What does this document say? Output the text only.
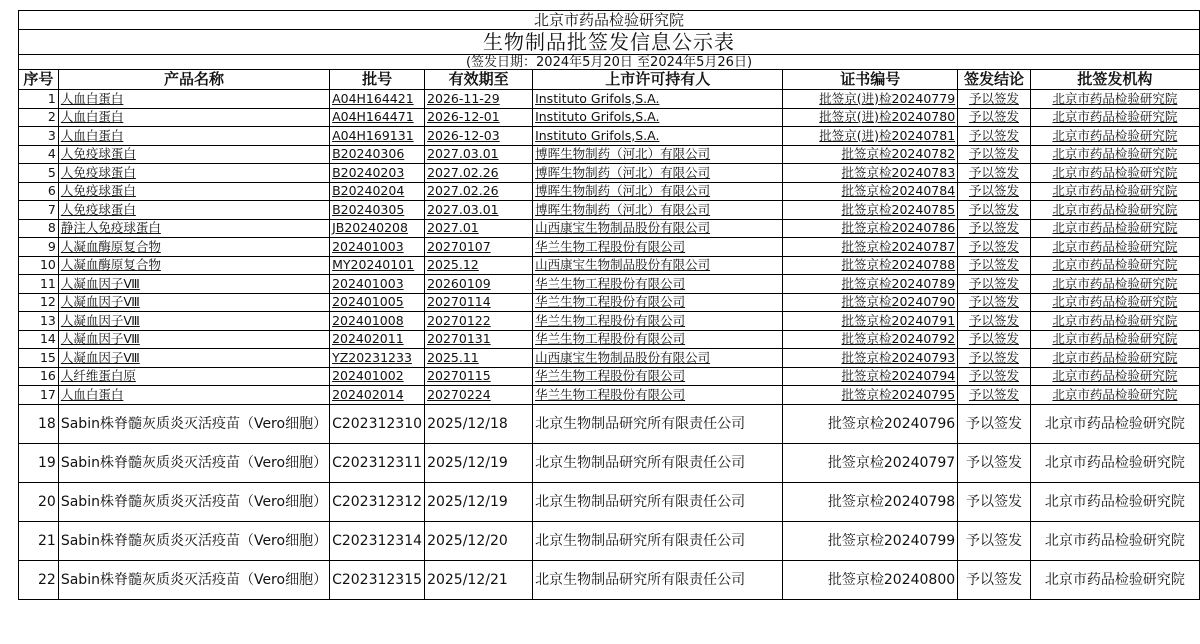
北京市药品检验研究院							
生物制品批签发信息公示表							
(签发日期：2024年5月20日 至2024年5月26日)							
序号	产品名称	批号	有效期至	上市许可持有人	证书编号	签发结论	批签发机构
1	人血白蛋白	A04H164421	2026-11-29	Instituto Grifols,S.A.	批签京(进)检20240779	予以签发	北京市药品检验研究院
2	人血白蛋白	A04H164471	2026-12-01	Instituto Grifols,S.A.	批签京(进)检20240780	予以签发	北京市药品检验研究院
3	人血白蛋白	A04H169131	2026-12-03	Instituto Grifols,S.A.	批签京(进)检20240781	予以签发	北京市药品检验研究院
4	人免疫球蛋白	B20240306	2027.03.01	博晖生物制药（河北）有限公司	批签京检20240782	予以签发	北京市药品检验研究院
5	人免疫球蛋白	B20240203	2027.02.26	博晖生物制药（河北）有限公司	批签京检20240783	予以签发	北京市药品检验研究院
6	人免疫球蛋白	B20240204	2027.02.26	博晖生物制药（河北）有限公司	批签京检20240784	予以签发	北京市药品检验研究院
7	人免疫球蛋白	B20240305	2027.03.01	博晖生物制药（河北）有限公司	批签京检20240785	予以签发	北京市药品检验研究院
8	静注人免疫球蛋白	JB20240208	2027.01	山西康宝生物制品股份有限公司	批签京检20240786	予以签发	北京市药品检验研究院
9	人凝血酶原复合物	202401003	20270107	华兰生物工程股份有限公司	批签京检20240787	予以签发	北京市药品检验研究院
10	人凝血酶原复合物	MY20240101	2025.12	山西康宝生物制品股份有限公司	批签京检20240788	予以签发	北京市药品检验研究院
11	人凝血因子Ⅷ	202401003	20260109	华兰生物工程股份有限公司	批签京检20240789	予以签发	北京市药品检验研究院
12	人凝血因子Ⅷ	202401005	20270114	华兰生物工程股份有限公司	批签京检20240790	予以签发	北京市药品检验研究院
13	人凝血因子Ⅷ	202401008	20270122	华兰生物工程股份有限公司	批签京检20240791	予以签发	北京市药品检验研究院
14	人凝血因子Ⅷ	202402011	20270131	华兰生物工程股份有限公司	批签京检20240792	予以签发	北京市药品检验研究院
15	人凝血因子Ⅷ	YZ20231233	2025.11	山西康宝生物制品股份有限公司	批签京检20240793	予以签发	北京市药品检验研究院
16	人纤维蛋白原	202401002	20270115	华兰生物工程股份有限公司	批签京检20240794	予以签发	北京市药品检验研究院
17	人血白蛋白	202402014	20270224	华兰生物工程股份有限公司	批签京检20240795	予以签发	北京市药品检验研究院
18	Sabin株脊髓灰质炎灭活疫苗（Vero细胞）	C202312310	2025/12/18	北京生物制品研究所有限责任公司	批签京检20240796	予以签发	北京市药品检验研究院
19	Sabin株脊髓灰质炎灭活疫苗（Vero细胞）	C202312311	2025/12/19	北京生物制品研究所有限责任公司	批签京检20240797	予以签发	北京市药品检验研究院
20	Sabin株脊髓灰质炎灭活疫苗（Vero细胞）	C202312312	2025/12/19	北京生物制品研究所有限责任公司	批签京检20240798	予以签发	北京市药品检验研究院
21	Sabin株脊髓灰质炎灭活疫苗（Vero细胞）	C202312314	2025/12/20	北京生物制品研究所有限责任公司	批签京检20240799	予以签发	北京市药品检验研究院
22	Sabin株脊髓灰质炎灭活疫苗（Vero细胞）	C202312315	2025/12/21	北京生物制品研究所有限责任公司	批签京检20240800	予以签发	北京市药品检验研究院
